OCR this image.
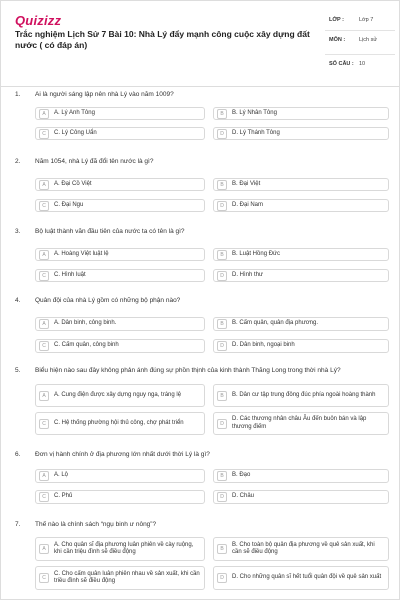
Quizizz
Trắc nghiệm Lịch Sử 7 Bài 10: Nhà Lý đẩy mạnh công cuộc xây dựng đất nước ( có đáp án)
LỚP :	Lớp 7
MÔN :	Lịch sử
SỐ CÂU : 10
1.	Ai là người sáng lập nên nhà Lý vào năm 1009?
A	A. Lý Anh Tông	B	B. Lý Nhân Tông
C	C. Lý Công Uẩn	D	D. Lý Thánh Tông
2.	Năm 1054, nhà Lý đã đổi tên nước là gì?
A	A. Đại Cồ Việt	B	B. Đại Việt
C	C. Đại Ngu	D	D. Đại Nam
3.	Bộ luật thành văn đầu tiên của nước ta có tên là gì?
A	A. Hoàng Việt luật lệ	B	B. Luật Hồng Đức
C	C. Hình luật	D	D. Hình thư
4.	Quân đội của nhà Lý gồm có những bộ phận nào?
A	A. Dân binh, công binh.	B	B. Cấm quân, quân địa phương.
C	C. Cấm quân, công binh	D	D. Dân binh, ngoại binh
5.	Biểu hiện nào sau đây không phản ánh đúng sự phồn thịnh của kinh thành Thăng Long trong thời nhà Lý?
A	A. Cung điện được xây dựng nguy nga, tráng lệ	B	B. Dân cư tập trung đông đúc phía ngoài hoàng thành
C	C. Hệ thống phường hội thủ công, chợ phát triển	D
D. Các thương nhân châu Âu đến buôn bán và lập thương điếm
6.	Đơn vị hành chính ở địa phương lớn nhất dưới thời Lý là gì?
A	A. Lộ	B	B. Đạo
C	C. Phủ	D	D. Châu
7.	Thế nào là chính sách “ngụ binh ư nông”?
A
A. Cho quân sĩ địa phương luân phiên về cày ruộng, khi cần triệu đình sẽ điều động	B
B. Cho toàn bộ quân địa phương về quê sản xuất, khi cần sẽ điều động
C
C. Cho cấm quân luân phiên nhau về sản xuất, khi cần triều đình sẽ điều động	D	D. Cho những quân sĩ hết tuổi quân đội về quê sản xuất
